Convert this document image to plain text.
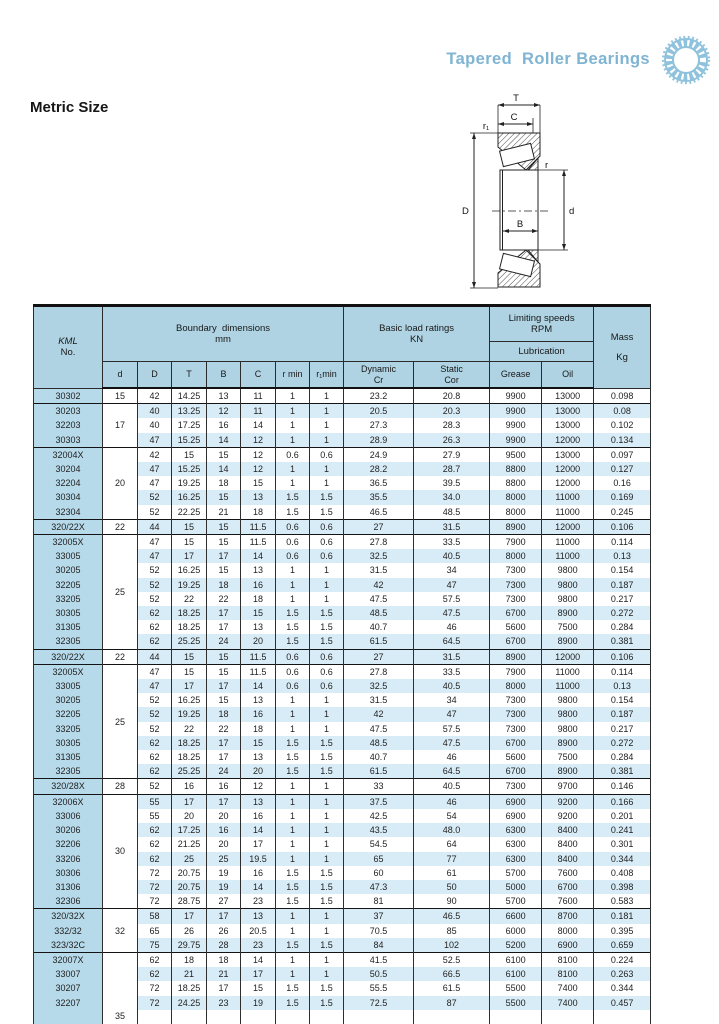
Tapered  Roller Bearings
Metric Size
T
C
r₁
r
D	d
B
KML
No.

Boundary  dimensions
mm

Basic load ratings
KN

Limiting speeds
RPM

Mass
Kg

										Lubrication		
d	D	T	B	C	r min	r₁min	
Dynamic
Cr

Static
Cor
	Grease	Oil
30302	15	42	14.25	13	11	1	1	23.2	20.8	9900	13000	0.098
30203	17	40	13.25	12	11	1	1	20.5	20.3	9900	13000	0.08
32203		40	17.25	16	14	1	1	27.3	28.3	9900	13000	0.102
30303		47	15.25	14	12	1	1	28.9	26.3	9900	12000	0.134
32004X	20	42	15	15	12	0.6	0.6	24.9	27.9	9500	13000	0.097
30204		47	15.25	14	12	1	1	28.2	28.7	8800	12000	0.127
32204		47	19.25	18	15	1	1	36.5	39.5	8800	12000	0.16
30304		52	16.25	15	13	1.5	1.5	35.5	34.0	8000	11000	0.169
32304		52	22.25	21	18	1.5	1.5	46.5	48.5	8000	11000	0.245
320/22X	22	44	15	15	11.5	0.6	0.6	27	31.5	8900	12000	0.106
32005X	25	47	15	15	11.5	0.6	0.6	27.8	33.5	7900	11000	0.114
33005		47	17	17	14	0.6	0.6	32.5	40.5	8000	11000	0.13
30205		52	16.25	15	13	1	1	31.5	34	7300	9800	0.154
32205		52	19.25	18	16	1	1	42	47	7300	9800	0.187
33205		52	22	22	18	1	1	47.5	57.5	7300	9800	0.217
30305		62	18.25	17	15	1.5	1.5	48.5	47.5	6700	8900	0.272
31305		62	18.25	17	13	1.5	1.5	40.7	46	5600	7500	0.284
32305		62	25.25	24	20	1.5	1.5	61.5	64.5	6700	8900	0.381
320/22X	22	44	15	15	11.5	0.6	0.6	27	31.5	8900	12000	0.106
32005X	25	47	15	15	11.5	0.6	0.6	27.8	33.5	7900	11000	0.114
33005		47	17	17	14	0.6	0.6	32.5	40.5	8000	11000	0.13
30205		52	16.25	15	13	1	1	31.5	34	7300	9800	0.154
32205		52	19.25	18	16	1	1	42	47	7300	9800	0.187
33205		52	22	22	18	1	1	47.5	57.5	7300	9800	0.217
30305		62	18.25	17	15	1.5	1.5	48.5	47.5	6700	8900	0.272
31305		62	18.25	17	13	1.5	1.5	40.7	46	5600	7500	0.284
32305		62	25.25	24	20	1.5	1.5	61.5	64.5	6700	8900	0.381
320/28X	28	52	16	16	12	1	1	33	40.5	7300	9700	0.146
32006X	30	55	17	17	13	1	1	37.5	46	6900	9200	0.166
33006		55	20	20	16	1	1	42.5	54	6900	9200	0.201
30206		62	17.25	16	14	1	1	43.5	48.0	6300	8400	0.241
32206		62	21.25	20	17	1	1	54.5	64	6300	8400	0.301
33206		62	25	25	19.5	1	1	65	77	6300	8400	0.344
30306		72	20.75	19	16	1.5	1.5	60	61	5700	7600	0.408
31306		72	20.75	19	14	1.5	1.5	47.3	50	5000	6700	0.398
32306		72	28.75	27	23	1.5	1.5	81	90	5700	7600	0.583
320/32X	32	58	17	17	13	1	1	37	46.5	6600	8700	0.181
332/32		65	26	26	20.5	1	1	70.5	85	6000	8000	0.395
323/32C		75	29.75	28	23	1.5	1.5	84	102	5200	6900	0.659
32007X	35	62	18	18	14	1	1	41.5	52.5	6100	8100	0.224
33007		62	21	21	17	1	1	50.5	66.5	6100	8100	0.263
30207		72	18.25	17	15	1.5	1.5	55.5	61.5	5500	7400	0.344
32207		72	24.25	23	19	1.5	1.5	72.5	87	5500	7400	0.457
